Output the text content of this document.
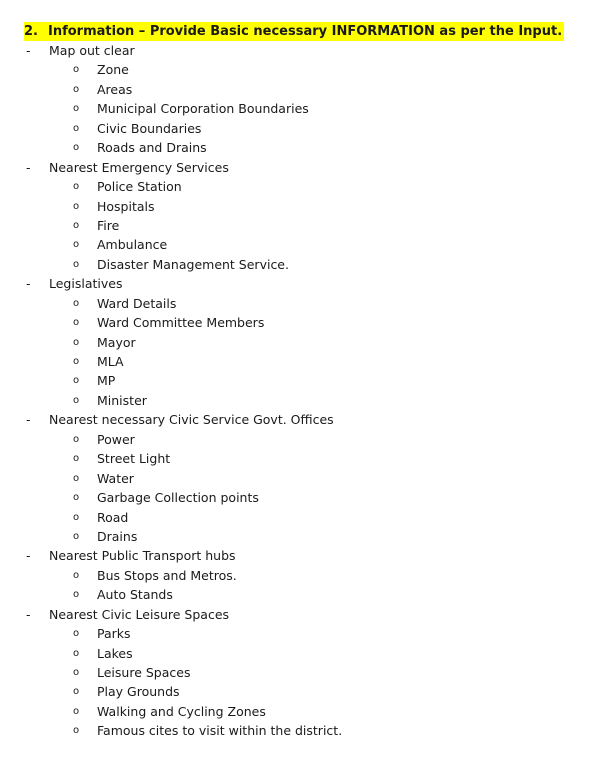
2. Information – Provide Basic necessary INFORMATION as per the Input.
- Map out clear
o Zone
o Areas
o Municipal Corporation Boundaries
o Civic Boundaries
o Roads and Drains
- Nearest Emergency Services
o Police Station
o Hospitals
o Fire
o Ambulance
o Disaster Management Service.
- Legislatives
o Ward Details
o Ward Committee Members
o Mayor
o MLA
o MP
o Minister
- Nearest necessary Civic Service Govt. Offices
o Power
o Street Light
o Water
o Garbage Collection points
o Road
o Drains
- Nearest Public Transport hubs
o Bus Stops and Metros.
o Auto Stands
- Nearest Civic Leisure Spaces
o Parks
o Lakes
o Leisure Spaces
o Play Grounds
o Walking and Cycling Zones
o Famous cites to visit within the district.
